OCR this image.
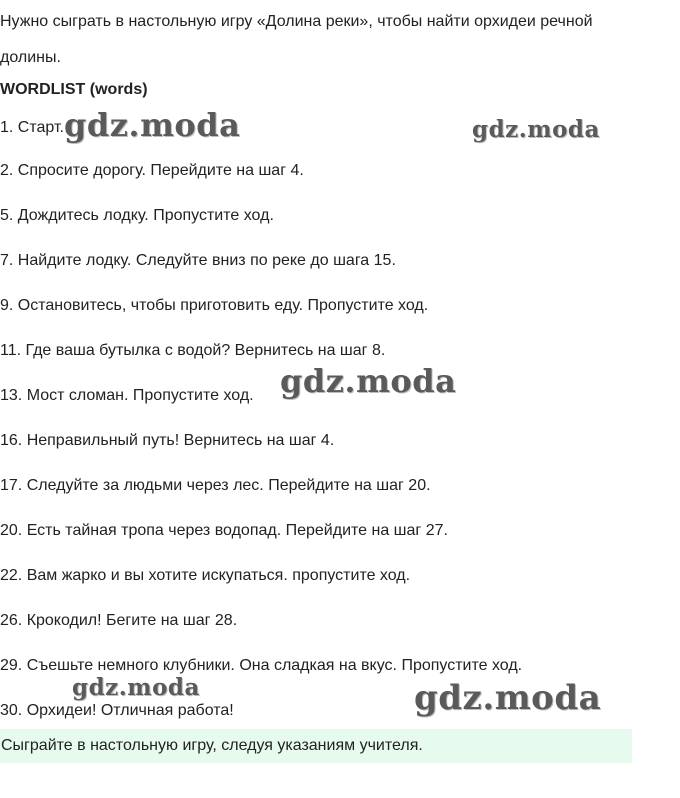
Нужно сыграть в настольную игру «Долина реки», чтобы найти орхидеи речной долины.
WORDLIST (words)
1. Старт.
2. Спросите дорогу. Перейдите на шаг 4.
5. Дождитесь лодку. Пропустите ход.
7. Найдите лодку. Следуйте вниз по реке до шага 15.
9. Остановитесь, чтобы приготовить еду. Пропустите ход.
11. Где ваша бутылка с водой? Вернитесь на шаг 8.
13. Мост сломан. Пропустите ход.
16. Неправильный путь! Вернитесь на шаг 4.
17. Следуйте за людьми через лес. Перейдите на шаг 20.
20. Есть тайная тропа через водопад. Перейдите на шаг 27.
22. Вам жарко и вы хотите искупаться. пропустите ход.
26. Крокодил! Бегите на шаг 28.
29. Съешьте немного клубники. Она сладкая на вкус. Пропустите ход.
30. Орхидеи! Отличная работа!
Сыграйте в настольную игру, следуя указаниям учителя.
gdz.moda	gdz.moda
gdz.moda
gdz.moda	gdz.moda
